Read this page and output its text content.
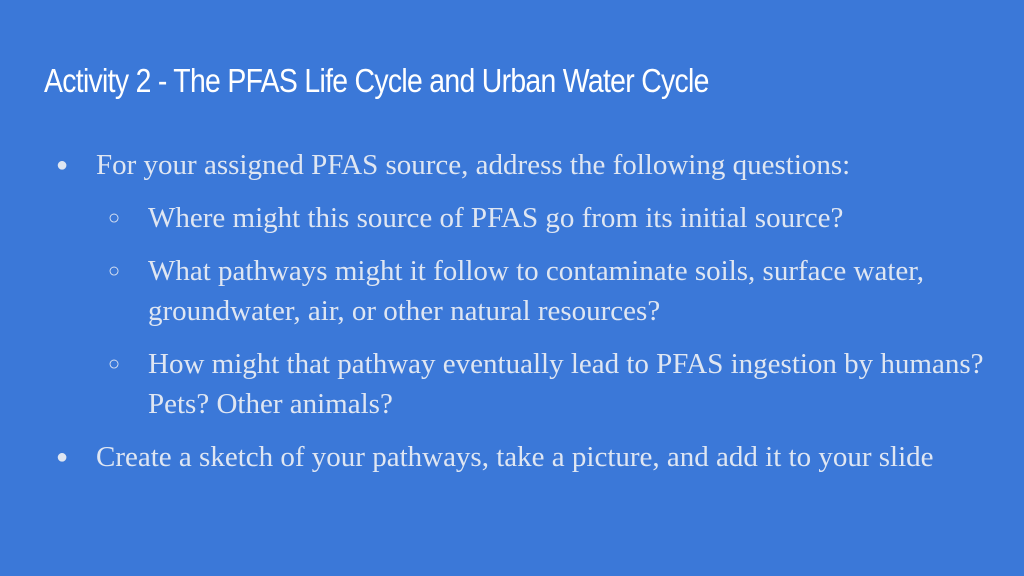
Activity 2 - The PFAS Life Cycle and Urban Water Cycle
● For your assigned PFAS source, address the following questions:
○ Where might this source of PFAS go from its initial source?
○ What pathways might it follow to contaminate soils, surface water, groundwater, air, or other natural resources?
○ How might that pathway eventually lead to PFAS ingestion by humans? Pets? Other animals?
● Create a sketch of your pathways, take a picture, and add it to your slide
